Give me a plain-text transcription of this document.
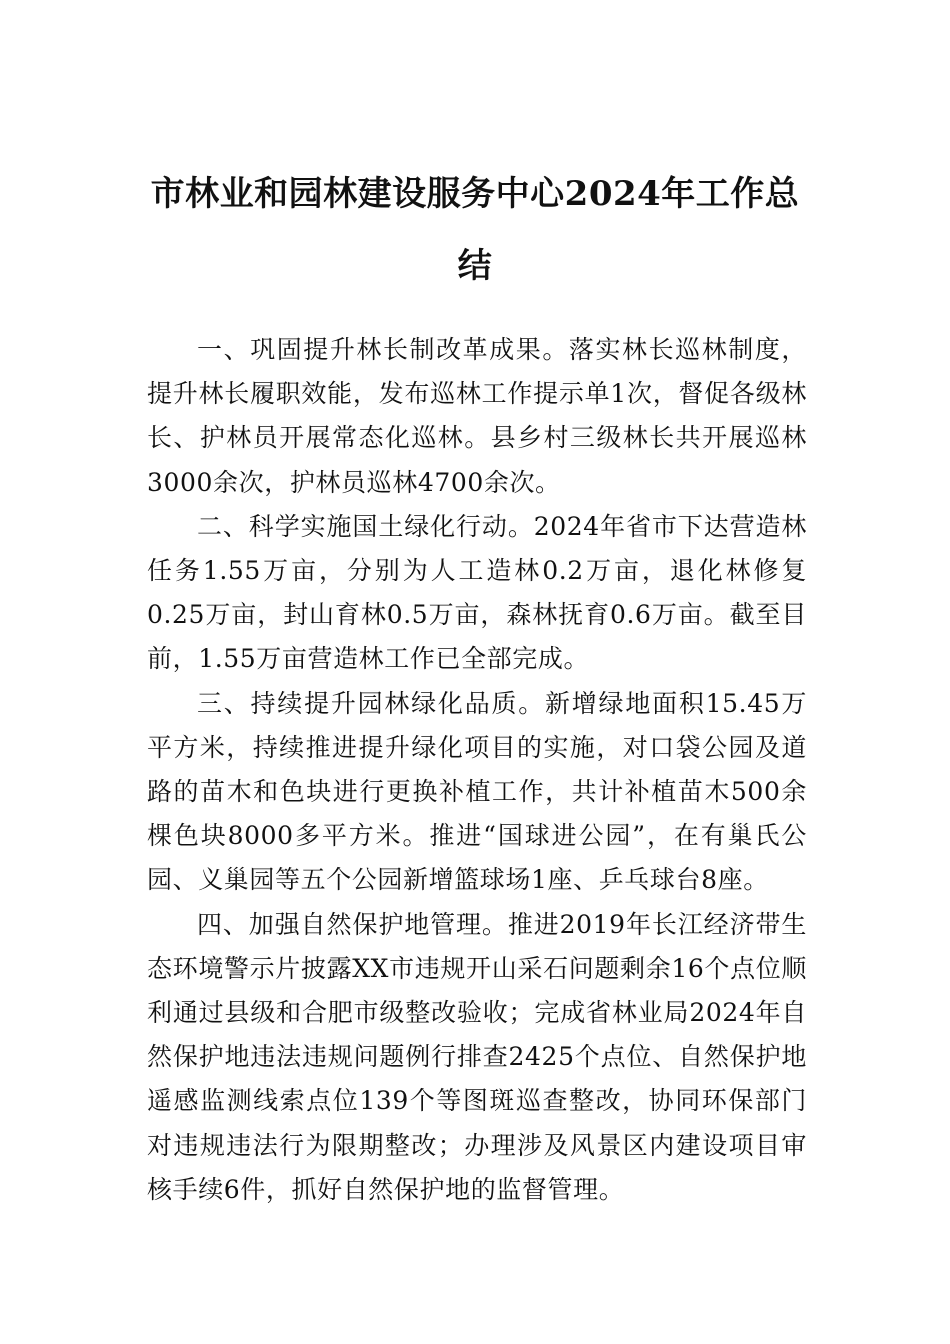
市林业和园林建设服务中心2024年工作总结

一、巩固提升林长制改革成果。落实林长巡林制度，提升林长履职效能，发布巡林工作提示单1次，督促各级林长、护林员开展常态化巡林。县乡村三级林长共开展巡林3000余次，护林员巡林4700余次。

二、科学实施国土绿化行动。2024年省市下达营造林任务1.55万亩，分别为人工造林0.2万亩，退化林修复0.25万亩，封山育林0.5万亩，森林抚育0.6万亩。截至目前，1.55万亩营造林工作已全部完成。

三、持续提升园林绿化品质。新增绿地面积15.45万平方米，持续推进提升绿化项目的实施，对口袋公园及道路的苗木和色块进行更换补植工作，共计补植苗木500余棵色块8000多平方米。推进“国球进公园”，在有巢氏公园、义巢园等五个公园新增篮球场1座、乒乓球台8座。

四、加强自然保护地管理。推进2019年长江经济带生态环境警示片披露XX市违规开山采石问题剩余16个点位顺利通过县级和合肥市级整改验收；完成省林业局2024年自然保护地违法违规问题例行排查2425个点位、自然保护地遥感监测线索点位139个等图斑巡查整改，协同环保部门对违规违法行为限期整改；办理涉及风景区内建设项目审核手续6件，抓好自然保护地的监督管理。
